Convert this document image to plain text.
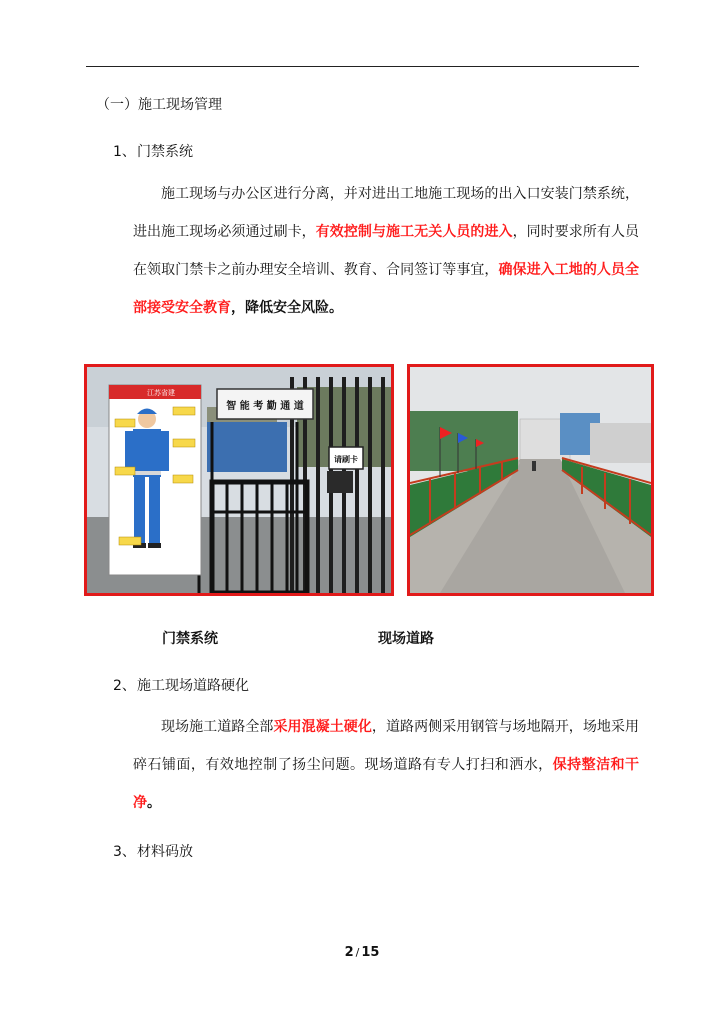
（一）施工现场管理
1、门禁系统
施工现场与办公区进行分离，并对进出工地施工现场的出入口安装门禁系统，进出施工现场必须通过刷卡，有效控制与施工无关人员的进入，同时要求所有人员在领取门禁卡之前办理安全培训、教育、合同签订等事宜，确保进入工地的人员全部接受安全教育，降低安全风险。
智 能 考 勤 通 道
请刷卡
江苏省建
门禁系统	现场道路
2、施工现场道路硬化
现场施工道路全部采用混凝土硬化，道路两侧采用钢管与场地隔开，场地采用碎石铺面，有效地控制了扬尘问题。现场道路有专人打扫和洒水，保持整洁和干净。
3、材料码放
2 / 15
